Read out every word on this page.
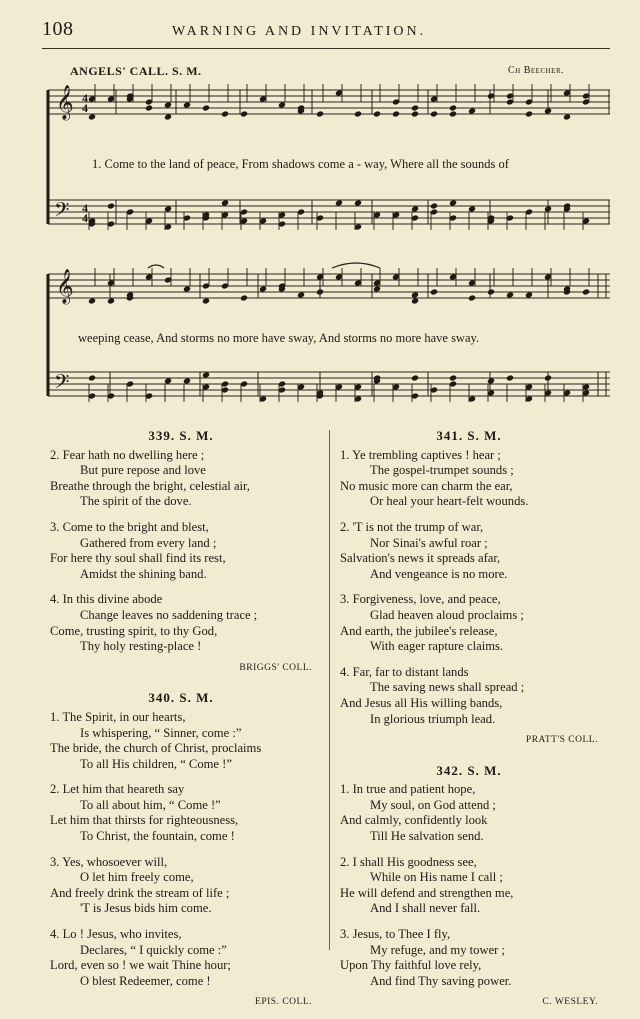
108	WARNING AND INVITATION.
ANGELS' CALL. S. M.	Ch Beecher.
𝄞
𝄢
4
4
4
4
1. Come to the land of peace, From shadows come a - way, Where all the sounds of
𝄞
𝄢
weeping cease, And storms no more have sway, And storms no more have sway.
339. S. M.
2. Fear hath no dwelling here ;
But pure repose and love
Breathe through the bright, celestial air,
The spirit of the dove.
3. Come to the bright and blest,
Gathered from every land ;
For here thy soul shall find its rest,
Amidst the shining band.
4. In this divine abode
Change leaves no saddening trace ;
Come, trusting spirit, to thy God,
Thy holy resting-place !
BRIGGS' COLL.
340. S. M.
1. The Spirit, in our hearts,
Is whispering, “ Sinner, come :”
The bride, the church of Christ, proclaims
To all His children, “ Come !”
2. Let him that heareth say
To all about him, “ Come !”
Let him that thirsts for righteousness,
To Christ, the fountain, come !
3. Yes, whosoever will,
O let him freely come,
And freely drink the stream of life ;
'T is Jesus bids him come.
4. Lo ! Jesus, who invites,
Declares, “ I quickly come :”
Lord, even so ! we wait Thine hour;
O blest Redeemer, come !
EPIS. COLL.
341. S. M.
1. Ye trembling captives ! hear ;
The gospel-trumpet sounds ;
No music more can charm the ear,
Or heal your heart-felt wounds.
2. 'T is not the trump of war,
Nor Sinai's awful roar ;
Salvation's news it spreads afar,
And vengeance is no more.
3. Forgiveness, love, and peace,
Glad heaven aloud proclaims ;
And earth, the jubilee's release,
With eager rapture claims.
4. Far, far to distant lands
The saving news shall spread ;
And Jesus all His willing bands,
In glorious triumph lead.
PRATT'S COLL.
342. S. M.
1. In true and patient hope,
My soul, on God attend ;
And calmly, confidently look
Till He salvation send.
2. I shall His goodness see,
While on His name I call ;
He will defend and strengthen me,
And I shall never fall.
3. Jesus, to Thee I fly,
My refuge, and my tower ;
Upon Thy faithful love rely,
And find Thy saving power.
C. WESLEY.
